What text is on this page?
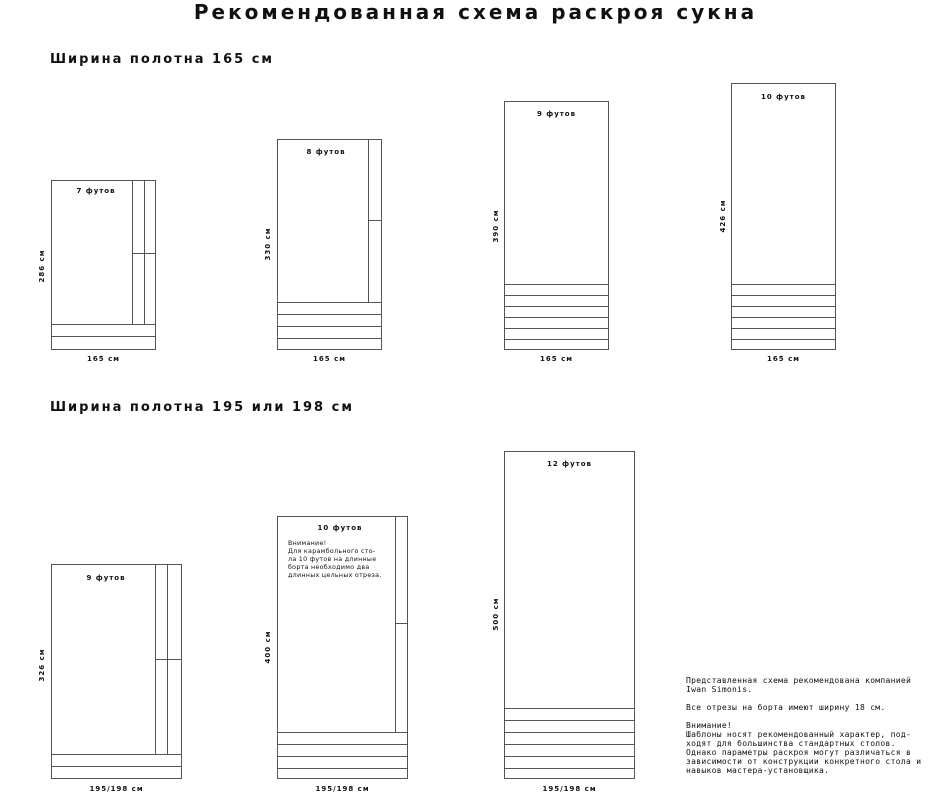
Рекомендованная схема раскроя сукна
Ширина полотна 165 см
Ширина полотна 195 или 198 см
7 футов
286 см
165 см
8 футов
330 см
165 см
9 футов
390 см
165 см
10 футов
426 см
165 см
9 футов
326 см
195/198 см
10 футов
Внимание!
Для карамбольного сто-
ла 10 футов на длинные
борта необходимо два
длинных цельных отреза.
400 см
195/198 см
12 футов
500 см
195/198 см

Представленная схема рекомендована компанией Iwan Simonis.

Все отрезы на борта имеют ширину 18 см.

Внимание!
Шаблоны носят рекомендованный характер, под-
ходят для большинства стандартных столов.
Однако параметры раскроя могут различаться в
зависимости от конструкции конкретного стола и
навыков мастера-установщика.
